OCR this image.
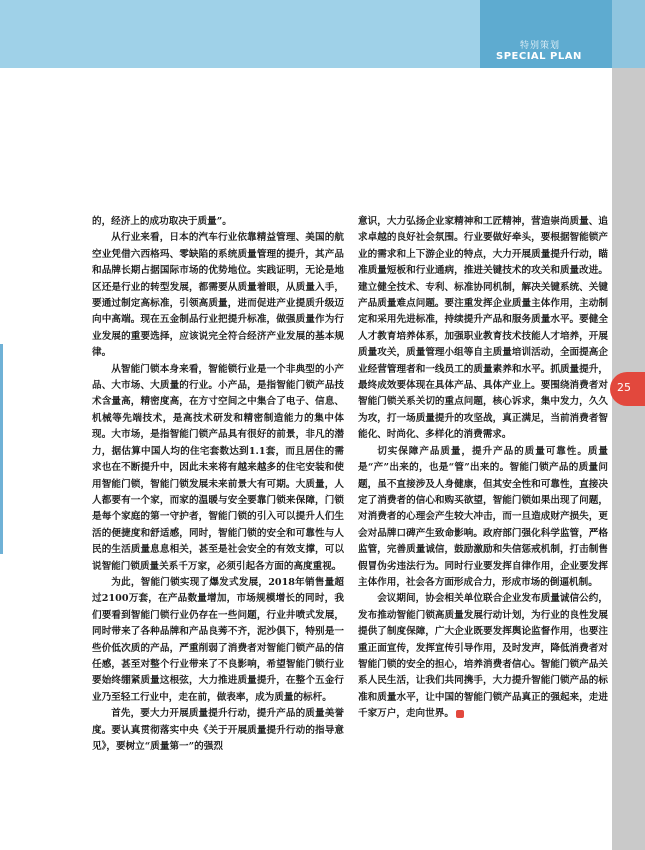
特别策划
SPECIAL PLAN
25

的，经济上的成功取决于质量”。

从行业来看，日本的汽车行业依靠精益管理、美国的航空业凭借六西格玛、零缺陷的系统质量管理的提升，其产品和品牌长期占据国际市场的优势地位。实践证明，无论是地区还是行业的转型发展，都需要从质量着眼，从质量入手，要通过制定高标准，引领高质量，进而促进产业提质升级迈向中高端。现在五金制品行业把提升标准，做强质量作为行业发展的重要选择，应该说完全符合经济产业发展的基本规律。

从智能门锁本身来看，智能锁行业是一个非典型的小产品、大市场、大质量的行业。小产品，是指智能门锁产品技术含量高，精密度高，在方寸空间之中集合了电子、信息、机械等先端技术，是高技术研发和精密制造能力的集中体现。大市场，是指智能门锁产品具有很好的前景，非凡的潜力，据估算中国人均的住宅套数达到1.1套，而且居住的需求也在不断提升中，因此未来将有越来越多的住宅安装和使用智能门锁，智能门锁发展未来前景大有可期。大质量，人人都要有一个家，而家的温暖与安全要靠门锁来保障，门锁是每个家庭的第一守护者，智能门锁的引入可以提升人们生活的便捷度和舒适感，同时，智能门锁的安全和可靠性与人民的生活质量息息相关，甚至是社会安全的有效支撑，可以说智能门锁质量关系千万家，必须引起各方面的高度重视。

为此，智能门锁实现了爆发式发展，2018年销售量超过2100万套，在产品数量增加，市场规模增长的同时，我们要看到智能门锁行业仍存在一些问题，行业井喷式发展，同时带来了各种品牌和产品良莠不齐，泥沙俱下，特别是一些价低次质的产品，严重削弱了消费者对智能门锁产品的信任感，甚至对整个行业带来了不良影响，希望智能门锁行业要始终绷紧质量这根弦，大力推进质量提升，在整个五金行业乃至轻工行业中，走在前，做表率，成为质量的标杆。

首先，要大力开展质量提升行动，提升产品的质量美誉度。要认真贯彻落实中央《关于开展质量提升行动的指导意见》，要树立“质量第一”的强烈

意识，大力弘扬企业家精神和工匠精神，营造崇尚质量、追求卓越的良好社会氛围。行业要做好牵头，要根据智能锁产业的需求和上下游企业的特点，大力开展质量提升行动，瞄准质量短板和行业通病，推进关键技术的攻关和质量改进。建立健全技术、专利、标准协同机制，解决关键系统、关键产品质量难点问题。要注重发挥企业质量主体作用，主动制定和采用先进标准，持续提升产品和服务质量水平。要健全人才教育培养体系，加强职业教育技术技能人才培养，开展质量攻关，质量管理小组等自主质量培训活动，全面提高企业经营管理者和一线员工的质量素养和水平。抓质量提升，最终成效要体现在具体产品、具体产业上。要围绕消费者对智能门锁关系关切的重点问题，核心诉求，集中发力，久久为攻，打一场质量提升的攻坚战，真正满足，当前消费者智能化、时尚化、多样化的消费需求。

切实保障产品质量，提升产品的质量可靠性。质量是“产”出来的，也是“管”出来的。智能门锁产品的质量问题，虽不直接涉及人身健康，但其安全性和可靠性，直接决定了消费者的信心和购买欲望，智能门锁如果出现了问题，对消费者的心理会产生较大冲击，而一旦造成财产损失，更会对品牌口碑产生致命影响。政府部门强化科学监管，严格监管，完善质量诚信，鼓励激励和失信惩戒机制，打击制售假冒伪劣违法行为。同时行业要发挥自律作用，企业要发挥主体作用，社会各方面形成合力，形成市场的倒逼机制。

会议期间，协会相关单位联合企业发布质量诚信公约，发布推动智能门锁高质量发展行动计划，为行业的良性发展提供了制度保障，广大企业既要发挥舆论监督作用，也要注重正面宣传，发挥宣传引导作用，及时发声，降低消费者对智能门锁的安全的担心，培养消费者信心。智能门锁产品关系人民生活，让我们共同携手，大力提升智能门锁产品的标准和质量水平，让中国的智能门锁产品真正的强起来，走进千家万户，走向世界。
